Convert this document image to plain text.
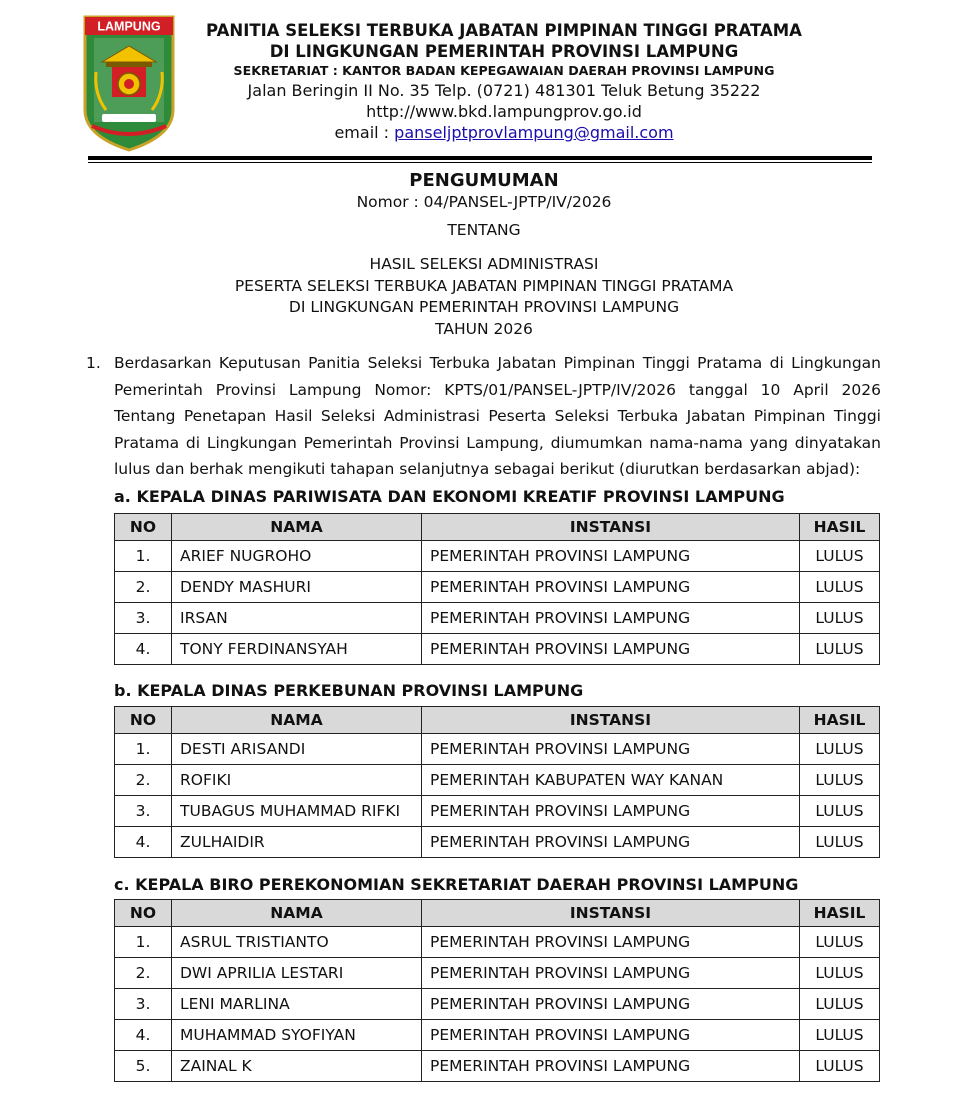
LAMPUNG	PANITIA SELEKSI TERBUKA JABATAN PIMPINAN TINGGI PRATAMA
DI LINGKUNGAN PEMERINTAH PROVINSI LAMPUNG
SEKRETARIAT : KANTOR BADAN KEPEGAWAIAN DAERAH PROVINSI LAMPUNG
Jalan Beringin II No. 35 Telp. (0721) 481301 Teluk Betung 35222
http://www.bkd.lampungprov.go.id
email : panseljptprovlampung@gmail.com
PENGUMUMAN
Nomor : 04/PANSEL-JPTP/IV/2026
TENTANG
HASIL SELEKSI ADMINISTRASI
PESERTA SELEKSI TERBUKA JABATAN PIMPINAN TINGGI PRATAMA
DI LINGKUNGAN PEMERINTAH PROVINSI LAMPUNG
TAHUN 2026
1. Berdasarkan Keputusan Panitia Seleksi Terbuka Jabatan Pimpinan Tinggi Pratama di Lingkungan Pemerintah Provinsi Lampung Nomor: KPTS/01/PANSEL-JPTP/IV/2026 tanggal 10 April 2026 Tentang Penetapan Hasil Seleksi Administrasi Peserta Seleksi Terbuka Jabatan Pimpinan Tinggi Pratama di Lingkungan Pemerintah Provinsi Lampung, diumumkan nama-nama yang dinyatakan lulus dan berhak mengikuti tahapan selanjutnya sebagai berikut (diurutkan berdasarkan abjad):
a. KEPALA DINAS PARIWISATA DAN EKONOMI KREATIF PROVINSI LAMPUNG
NO	NAMA	INSTANSI	HASIL
1.	ARIEF NUGROHO	PEMERINTAH PROVINSI LAMPUNG	LULUS
2.	DENDY MASHURI	PEMERINTAH PROVINSI LAMPUNG	LULUS
3.	IRSAN	PEMERINTAH PROVINSI LAMPUNG	LULUS
4.	TONY FERDINANSYAH	PEMERINTAH PROVINSI LAMPUNG	LULUS
b. KEPALA DINAS PERKEBUNAN PROVINSI LAMPUNG
NO	NAMA	INSTANSI	HASIL
1.	DESTI ARISANDI	PEMERINTAH PROVINSI LAMPUNG	LULUS
2.	ROFIKI	PEMERINTAH KABUPATEN WAY KANAN	LULUS
3.	TUBAGUS MUHAMMAD RIFKI	PEMERINTAH PROVINSI LAMPUNG	LULUS
4.	ZULHAIDIR	PEMERINTAH PROVINSI LAMPUNG	LULUS
c. KEPALA BIRO PEREKONOMIAN SEKRETARIAT DAERAH PROVINSI LAMPUNG
NO	NAMA	INSTANSI	HASIL
1.	ASRUL TRISTIANTO	PEMERINTAH PROVINSI LAMPUNG	LULUS
2.	DWI APRILIA LESTARI	PEMERINTAH PROVINSI LAMPUNG	LULUS
3.	LENI MARLINA	PEMERINTAH PROVINSI LAMPUNG	LULUS
4.	MUHAMMAD SYOFIYAN	PEMERINTAH PROVINSI LAMPUNG	LULUS
5.	ZAINAL K	PEMERINTAH PROVINSI LAMPUNG	LULUS
